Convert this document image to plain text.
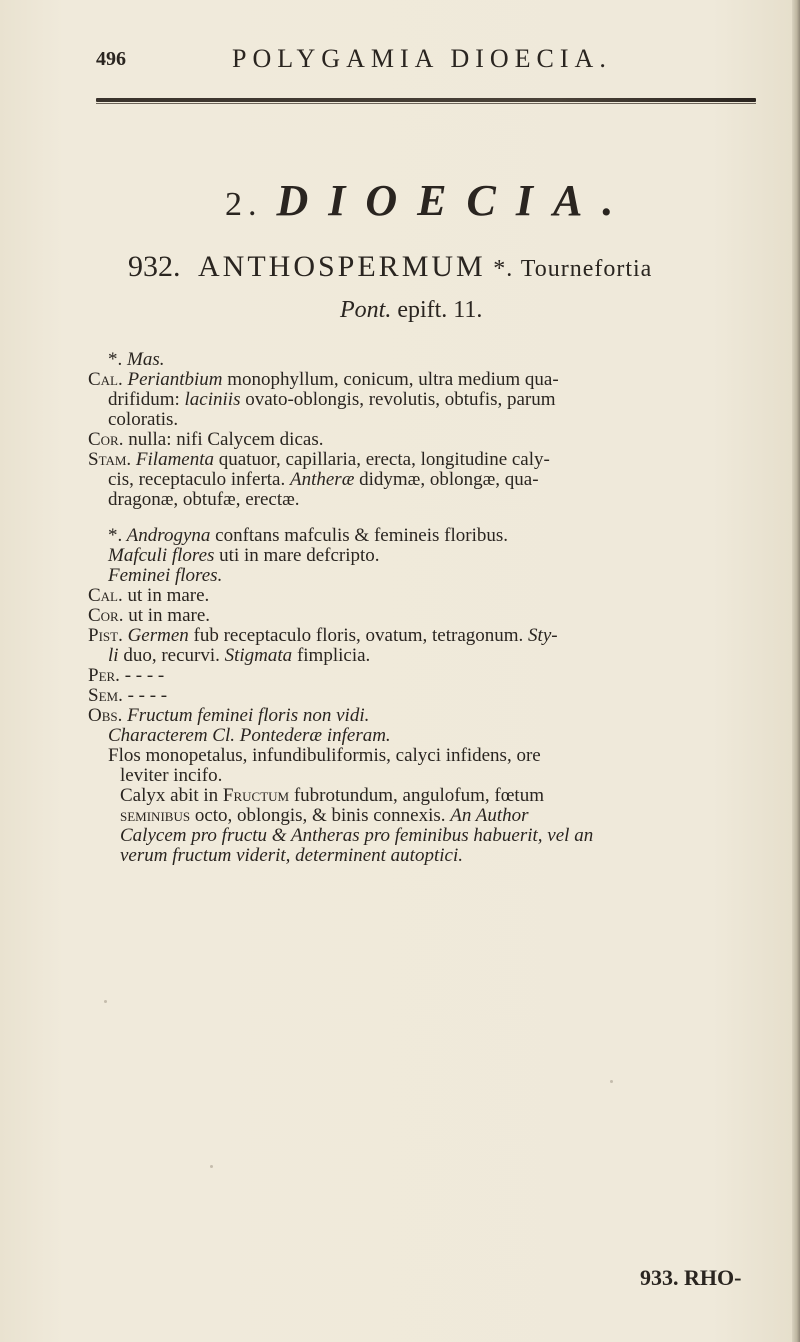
496	POLYGAMIA DIOECIA.
2. DIOECIA.
932. ANTHOSPERMUM *. Tournefortia
Pont. epift. 11.

*. Mas.

Cal. Periantbium monophyllum, conicum, ultra medium qua-

drifidum: laciniis ovato-oblongis, revolutis, obtufis, parum

coloratis.

Cor. nulla: nifi Calycem dicas.

Stam. Filamenta quatuor, capillaria, erecta, longitudine caly-

cis, receptaculo inferta. Antheræ didymæ, oblongæ, qua-

dragonæ, obtufæ, erectæ.

*. Androgyna conftans mafculis & femineis floribus.

Mafculi flores uti in mare defcripto.

Feminei flores.

Cal. ut in mare.

Cor. ut in mare.

Pist. Germen fub receptaculo floris, ovatum, tetragonum. Sty-

li duo, recurvi. Stigmata fimplicia.

Per. - - - -

Sem. - - - -

Obs. Fructum feminei floris non vidi.

Characterem Cl. Pontederæ inferam.

Flos monopetalus, infundibuliformis, calyci infidens, ore

leviter incifo.

Calyx abit in Fructum fubrotundum, angulofum, fœtum

seminibus octo, oblongis, & binis connexis. An Author

Calycem pro fructu & Antheras pro feminibus habuerit, vel an

verum fructum viderit, determinent autoptici.

933. RHO-
